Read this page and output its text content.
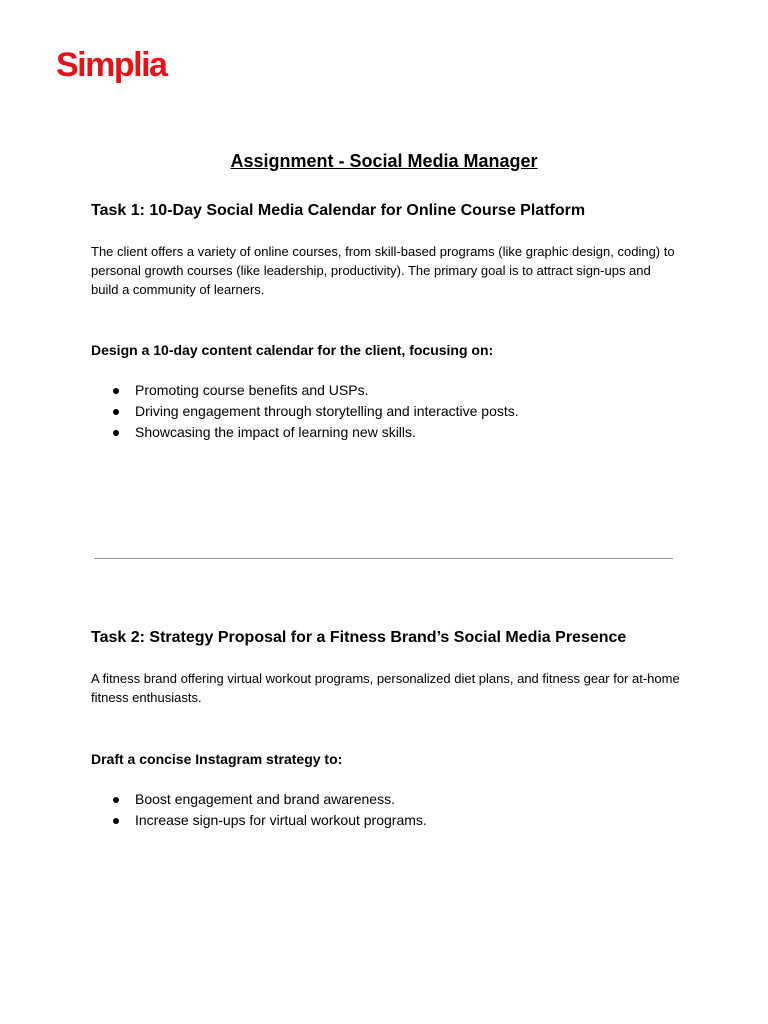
Simplia
Assignment - Social Media Manager
Task 1: 10-Day Social Media Calendar for Online Course Platform

The client offers a variety of online courses, from skill-based programs (like graphic design, coding) to personal growth courses (like leadership, productivity). The primary goal is to attract sign-ups and build a community of learners.

Design a 10-day content calendar for the client, focusing on:
Promoting course benefits and USPs.
Driving engagement through storytelling and interactive posts.
Showcasing the impact of learning new skills.
Task 2: Strategy Proposal for a Fitness Brand’s Social Media Presence

A fitness brand offering virtual workout programs, personalized diet plans, and fitness gear for at-home fitness enthusiasts.

Draft a concise Instagram strategy to:
Boost engagement and brand awareness.
Increase sign-ups for virtual workout programs.
